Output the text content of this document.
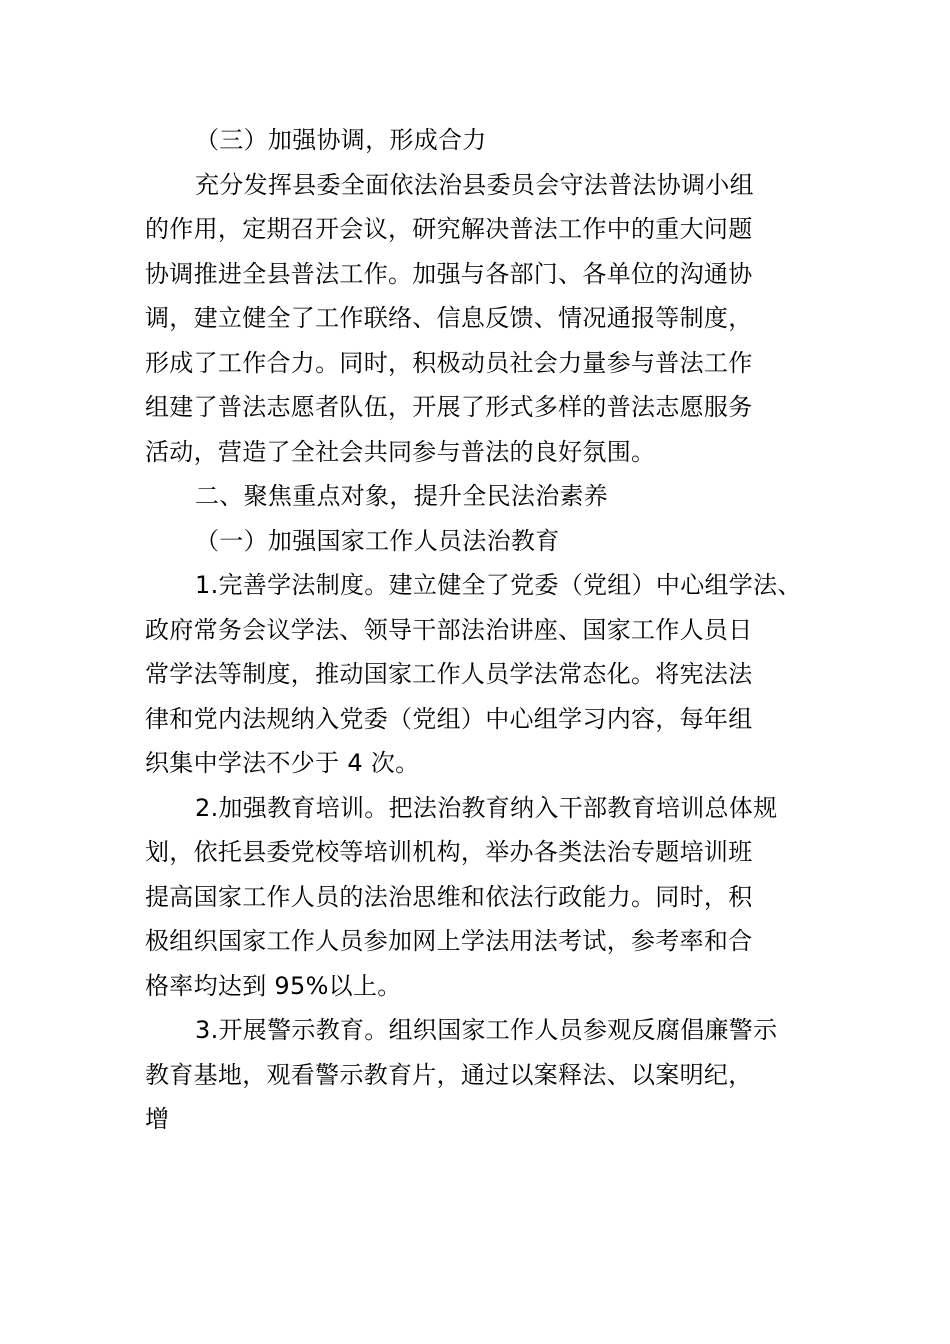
（三）加强协调，形成合力
充分发挥县委全面依法治县委员会守法普法协调小组
的作用，定期召开会议，研究解决普法工作中的重大问题
协调推进全县普法工作。加强与各部门、各单位的沟通协
调，建立健全了工作联络、信息反馈、情况通报等制度，
形成了工作合力。同时，积极动员社会力量参与普法工作
组建了普法志愿者队伍，开展了形式多样的普法志愿服务
活动，营造了全社会共同参与普法的良好氛围。
二、聚焦重点对象，提升全民法治素养
（一）加强国家工作人员法治教育
1.完善学法制度。建立健全了党委（党组）中心组学法、
政府常务会议学法、领导干部法治讲座、国家工作人员日
常学法等制度，推动国家工作人员学法常态化。将宪法法
律和党内法规纳入党委（党组）中心组学习内容，每年组
织集中学法不少于 4 次。
2.加强教育培训。把法治教育纳入干部教育培训总体规
划，依托县委党校等培训机构，举办各类法治专题培训班
提高国家工作人员的法治思维和依法行政能力。同时，积
极组织国家工作人员参加网上学法用法考试，参考率和合
格率均达到 95%以上。
3.开展警示教育。组织国家工作人员参观反腐倡廉警示
教育基地，观看警示教育片，通过以案释法、以案明纪，
增
